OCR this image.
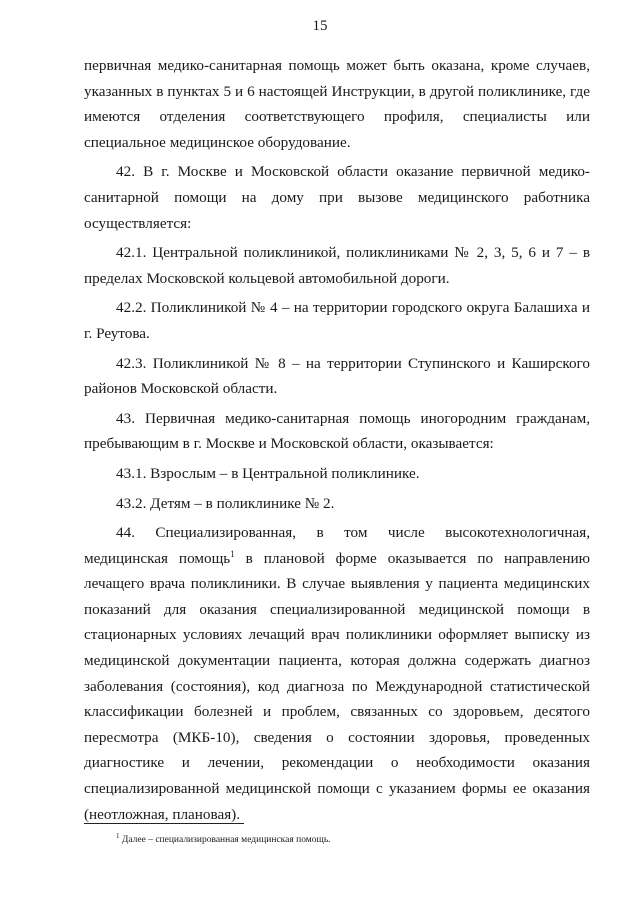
15

первичная медико-санитарная помощь может быть оказана, кроме случаев, указанных в пунктах 5 и 6 настоящей Инструкции, в другой поликлинике, где имеются отделения соответствующего профиля, специалисты или специальное медицинское оборудование.

42. В г. Москве и Московской области оказание первичной медико-санитарной помощи на дому при вызове медицинского работника осуществляется:

42.1. Центральной поликлиникой, поликлиниками № 2, 3, 5, 6 и 7 – в пределах Московской кольцевой автомобильной дороги.

42.2. Поликлиникой № 4 – на территории городского округа Балашиха и г. Реутова.

42.3. Поликлиникой № 8 – на территории Ступинского и Каширского районов Московской области.

43. Первичная медико-санитарная помощь иногородним гражданам, пребывающим в г. Москве и Московской области, оказывается:

43.1. Взрослым – в Центральной поликлинике.

43.2. Детям – в поликлинике № 2.

44. Специализированная, в том числе высокотехнологичная, медицинская помощь$^1$ в плановой форме оказывается по направлению лечащего врача поликлиники. В случае выявления у пациента медицинских показаний для оказания специализированной медицинской помощи в стационарных условиях лечащий врач поликлиники оформляет выписку из медицинской документации пациента, которая должна содержать диагноз заболевания (состояния), код диагноза по Международной статистической классификации болезней и проблем, связанных со здоровьем, десятого пересмотра (МКБ-10), сведения о состоянии здоровья, проведенных диагностике и лечении, рекомендации о необходимости оказания специализированной медицинской помощи с указанием формы ее оказания (неотложная, плановая).

$^1$ Далее – специализированная медицинская помощь.
